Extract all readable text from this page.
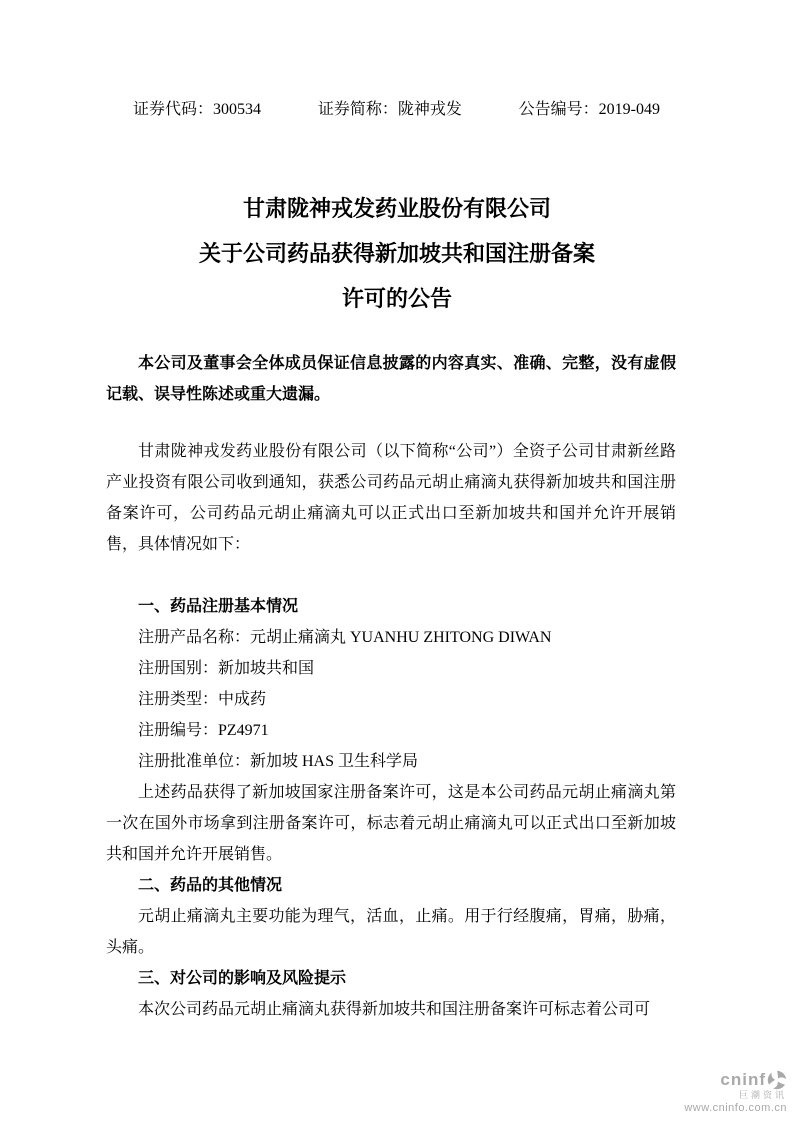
证券代码：300534	证券简称：陇神戎发	公告编号：2019-049
甘肃陇神戎发药业股份有限公司
关于公司药品获得新加坡共和国注册备案
许可的公告

本公司及董事会全体成员保证信息披露的内容真实、准确、完整，没有虚假记载、误导性陈述或重大遗漏。

甘肃陇神戎发药业股份有限公司（以下简称“公司”）全资子公司甘肃新丝路产业投资有限公司收到通知，获悉公司药品元胡止痛滴丸获得新加坡共和国注册备案许可，公司药品元胡止痛滴丸可以正式出口至新加坡共和国并允许开展销售，具体情况如下：

一、药品注册基本情况

注册产品名称：元胡止痛滴丸 YUANHU ZHITONG DIWAN

注册国别：新加坡共和国

注册类型：中成药

注册编号：PZ4971

注册批准单位：新加坡 HAS 卫生科学局

上述药品获得了新加坡国家注册备案许可，这是本公司药品元胡止痛滴丸第一次在国外市场拿到注册备案许可，标志着元胡止痛滴丸可以正式出口至新加坡共和国并允许开展销售。

二、药品的其他情况

元胡止痛滴丸主要功能为理气，活血，止痛。用于行经腹痛，胃痛，胁痛，头痛。

三、对公司的影响及风险提示

本次公司药品元胡止痛滴丸获得新加坡共和国注册备案许可标志着公司可

cninf
巨潮资讯
www.cninfo.com.cn
